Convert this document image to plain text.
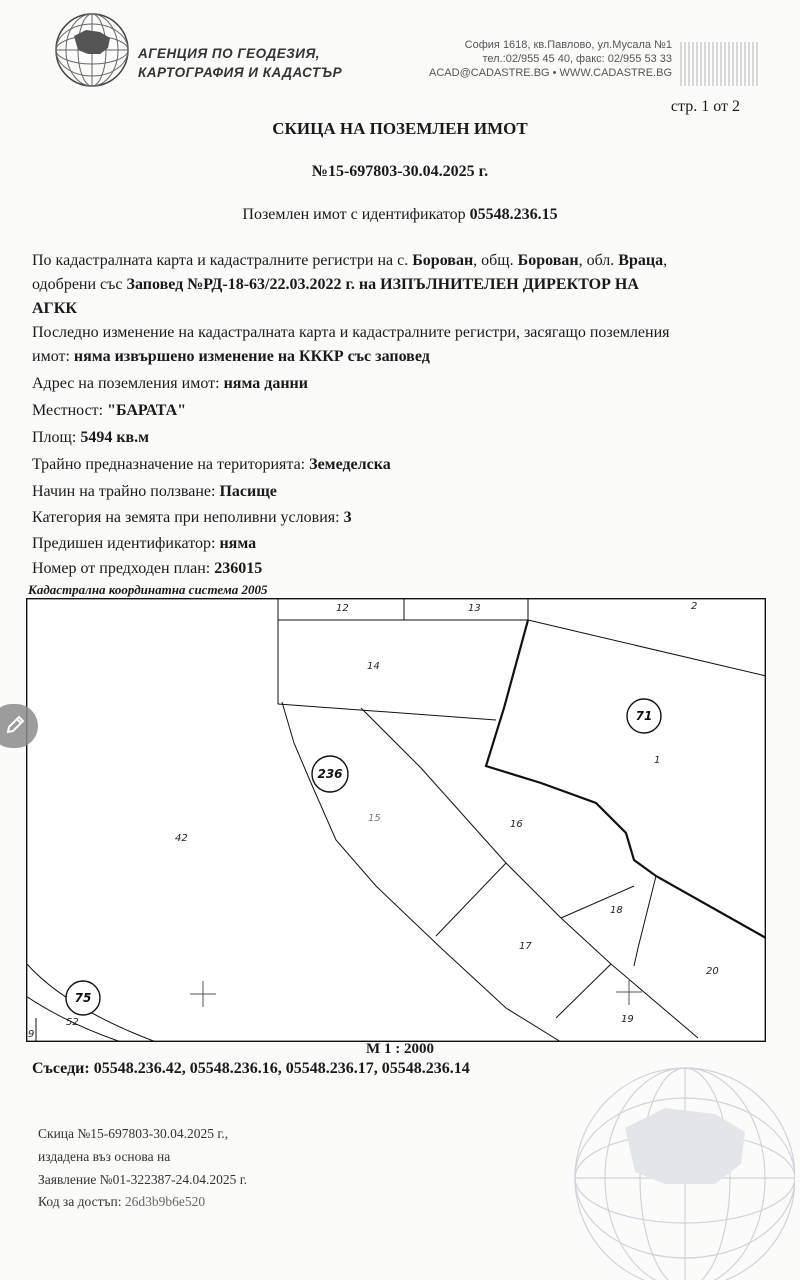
АГЕНЦИЯ ПО ГЕОДЕЗИЯ,
КАРТОГРАФИЯ И КАДАСТЪР
София 1618, кв.Павлово, ул.Мусала №1
тел.:02/955 45 40, факс: 02/955 53 33
ACAD@CADASTRE.BG • WWW.CADASTRE.BG
стр. 1 от 2
СКИЦА НА ПОЗЕМЛЕН ИМОТ
№15-697803-30.04.2025 г.
Поземлен имот с идентификатор 05548.236.15
По кадастралната карта и кадастралните регистри на с. Борован, общ. Борован, обл. Враца,
одобрени със Заповед №РД-18-63/22.03.2022 г. на ИЗПЪЛНИТЕЛЕН ДИРЕКТОР НА
АГКК
Последно изменение на кадастралната карта и кадастралните регистри, засягащо поземления
имот: няма извършено изменение на КККР със заповед
Адрес на поземления имот: няма данни
Местност: "БАРАТА"
Площ: 5494 кв.м
Трайно предназначение на територията: Земеделска
Начин на трайно ползване: Пасище
Категория на земята при неполивни условия: 3
Предишен идентификатор: няма
Номер от предходен план: 236015
Кадастрална координатна система 2005
71
236
75
12	13	2
14
1
15
16
42
18
17
20
19
52
9
М 1 : 2000
Съседи: 05548.236.42, 05548.236.16, 05548.236.17, 05548.236.14
Скица №15-697803-30.04.2025 г.,
издадена въз основа на
Заявление №01-322387-24.04.2025 г.
Код за достъп: 26d3b9b6e520
